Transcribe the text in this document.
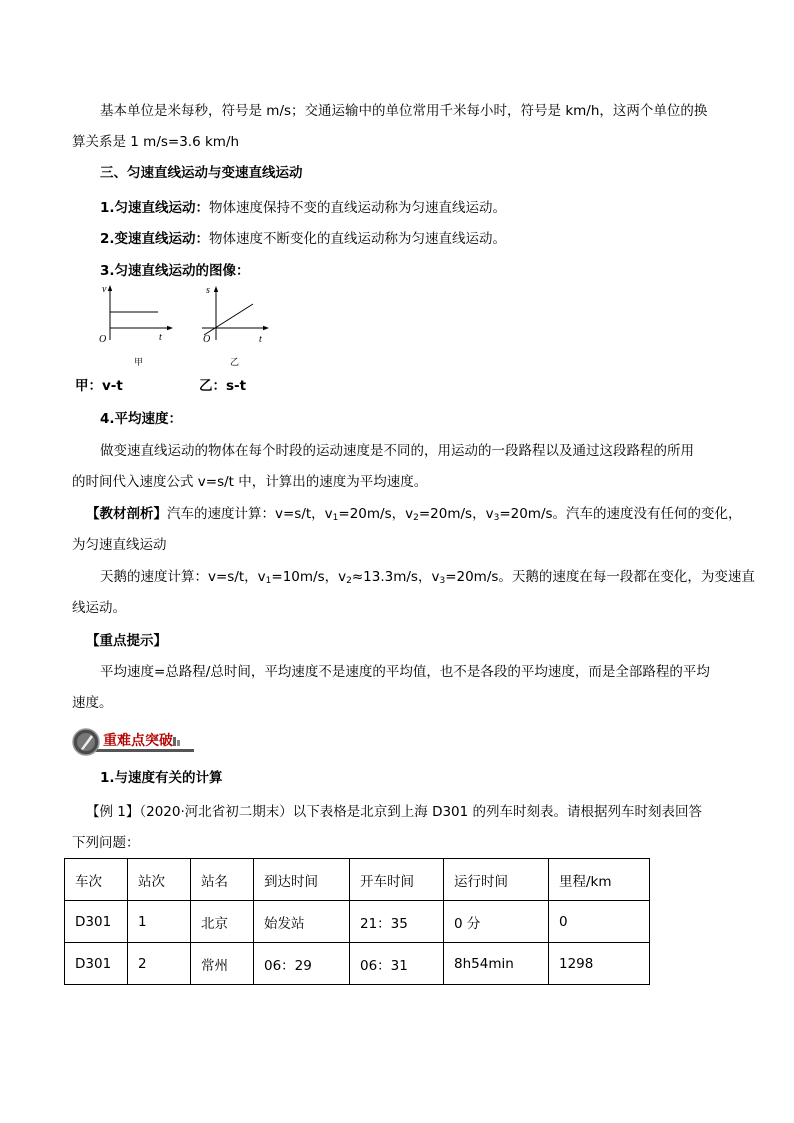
基本单位是米每秒，符号是 m/s；交通运输中的单位常用千米每小时，符号是 km/h，这两个单位的换
算关系是 1 m/s=3.6 km/h
三、匀速直线运动与变速直线运动
1.匀速直线运动：物体速度保持不变的直线运动称为匀速直线运动。
2.变速直线运动：物体速度不断变化的直线运动称为匀速直线运动。
3.匀速直线运动的图像：
v
t
O
甲
s
t
O
乙
甲：v-t	乙：s-t
4.平均速度：
做变速直线运动的物体在每个时段的运动速度是不同的，用运动的一段路程以及通过这段路程的所用
的时间代入速度公式 v=s/t 中，计算出的速度为平均速度。
【教材剖析】汽车的速度计算：v=s/t，$v_1=20m/s$，$v_2=20m/s$，$v_3=20m/s$。汽车的速度没有任何的变化，
为匀速直线运动
天鹅的速度计算：v=s/t，$v_1=10m/s$，$v_2\approx 13.3m/s$，$v_3=20m/s$。天鹅的速度在每一段都在变化，为变速直
线运动。
【重点提示】
平均速度=总路程/总时间，平均速度不是速度的平均值，也不是各段的平均速度，而是全部路程的平均
速度。
重难点突破
1.与速度有关的计算
【例 1】（2020·河北省初二期末）以下表格是北京到上海 D301 的列车时刻表。请根据列车时刻表回答
下列问题：
车次	站次	站名	到达时间	开车时间	运行时间	里程/km
D301	1	北京	始发站	21：35	0 分	0
D301	2	常州	06：29	06：31	8h54min	1298
